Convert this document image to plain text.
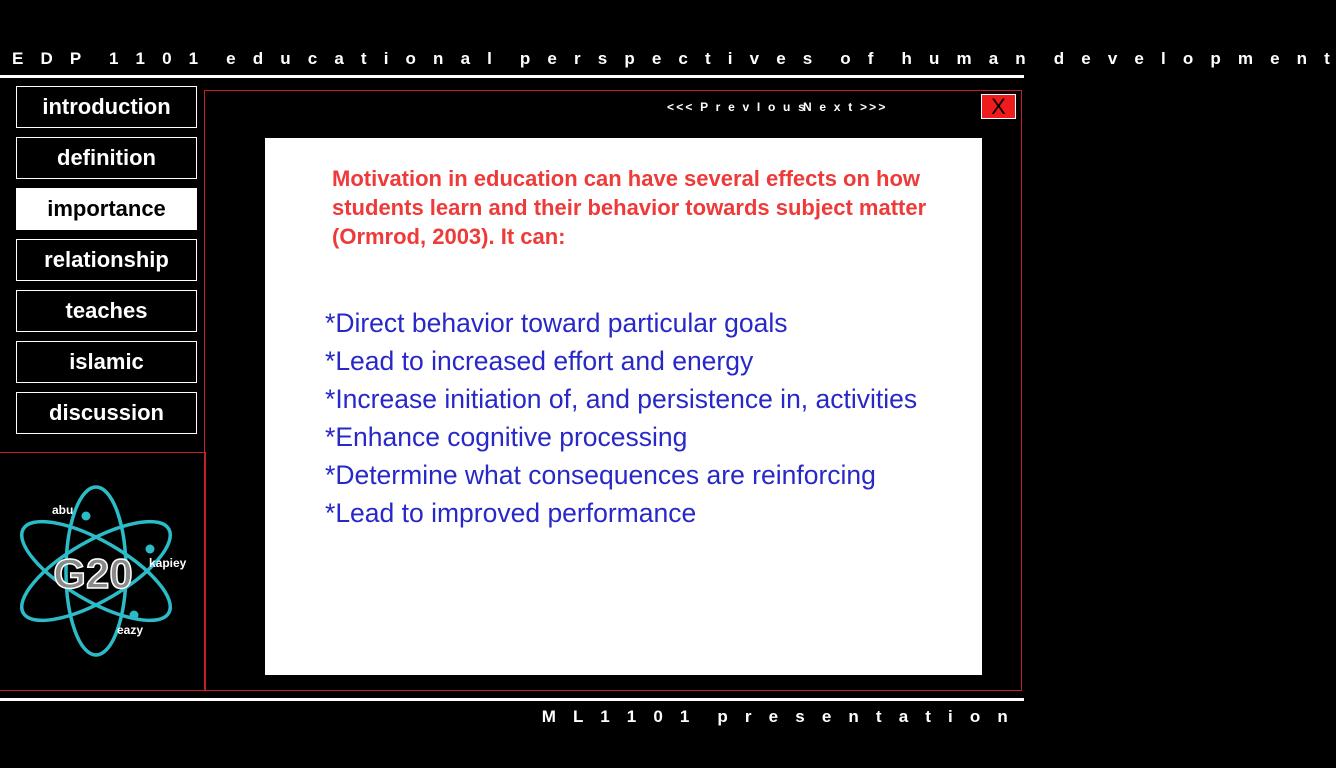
E D P  1 1 0 1  e d u c a t i o n a l  p e r s p e c t i v e s  o f  h u m a n  d e v e l o p m e n t
introduction
definition
importance
relationship
teaches
islamic
discussion
<<< P r e v I o u s
N e x t >>>	X

Motivation in education can have several effects on how students learn and their behavior towards subject matter (Ormrod, 2003). It can:

*Direct behavior toward particular goals
*Lead to increased effort and energy
*Increase initiation of, and persistence in, activities
*Enhance cognitive processing
*Determine what consequences are reinforcing
*Lead to improved performance
G20
abu
kapiey
eazy
M L 1 1 0 1  p r e s e n t a t i o n
